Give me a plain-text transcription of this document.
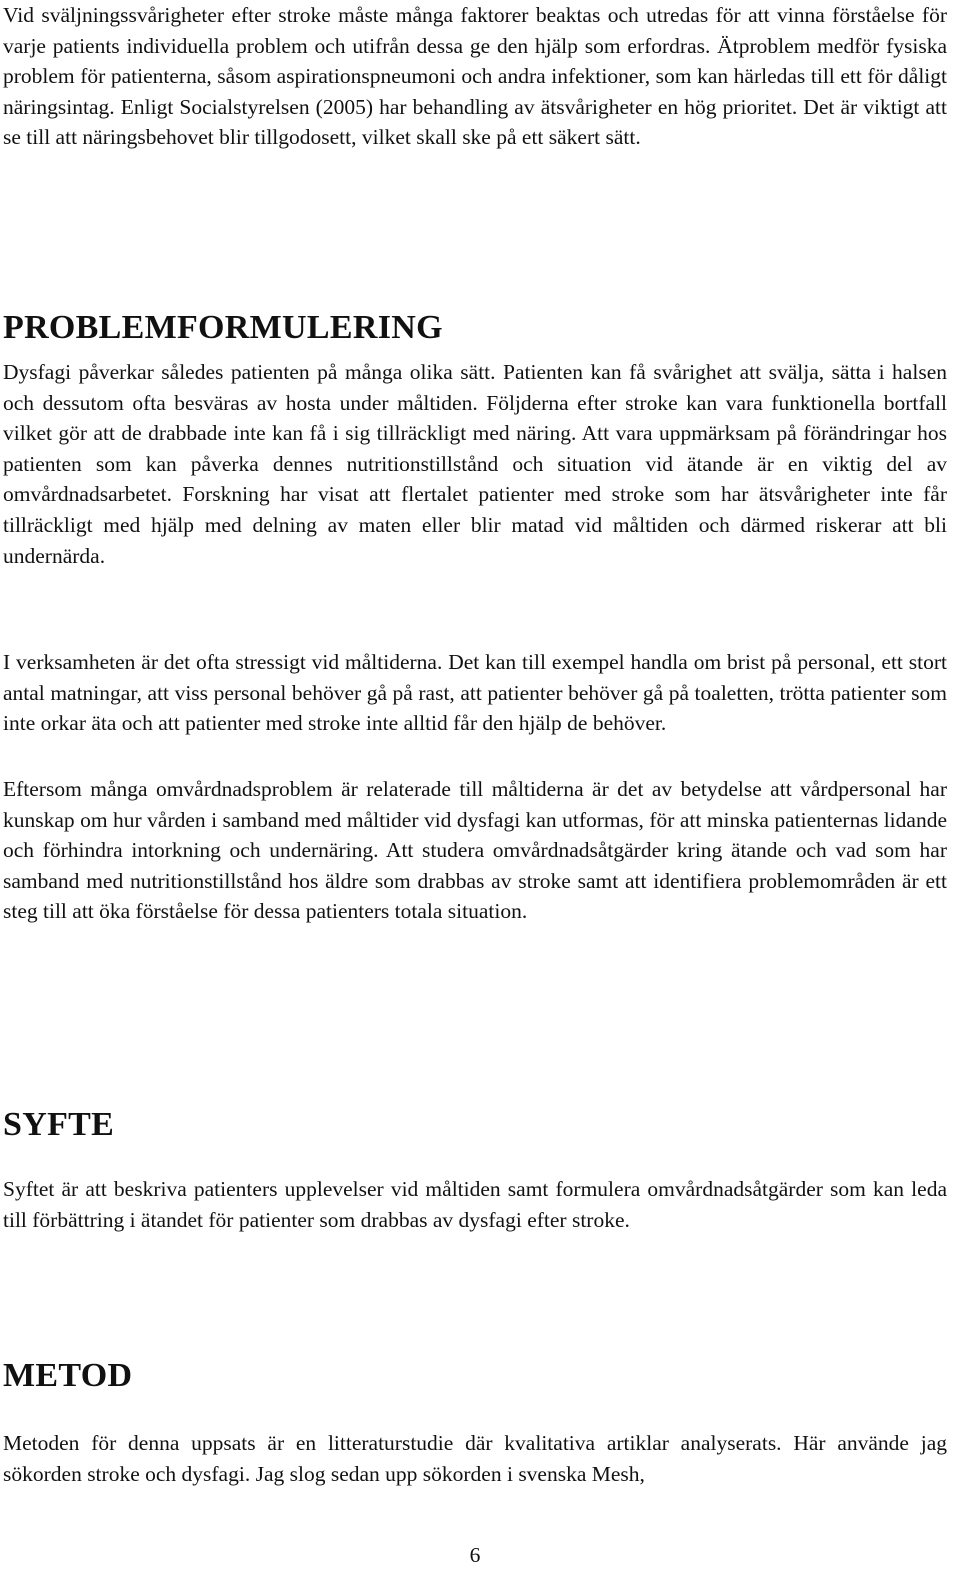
Vid sväljningssvårigheter efter stroke måste många faktorer beaktas och utredas för att vinna förståelse för varje patients individuella problem och utifrån dessa ge den hjälp som erfordras. Ätproblem medför fysiska problem för patienterna, såsom aspirationspneumoni och andra infektioner, som kan härledas till ett för dåligt näringsintag. Enligt Socialstyrelsen (2005) har behandling av ätsvårigheter en hög prioritet. Det är viktigt att se till att näringsbehovet blir tillgodosett, vilket skall ske på ett säkert sätt.

PROBLEMFORMULERING

Dysfagi påverkar således patienten på många olika sätt. Patienten kan få svårighet att svälja, sätta i halsen och dessutom ofta besväras av hosta under måltiden. Följderna efter stroke kan vara funktionella bortfall vilket gör att de drabbade inte kan få i sig tillräckligt med näring. Att vara uppmärksam på förändringar hos patienten som kan påverka dennes nutritionstillstånd och situation vid ätande är en viktig del av omvårdnadsarbetet. Forskning har visat att flertalet patienter med stroke som har ätsvårigheter inte får tillräckligt med hjälp med delning av maten eller blir matad vid måltiden och därmed riskerar att bli undernärda.

I verksamheten är det ofta stressigt vid måltiderna. Det kan till exempel handla om brist på personal, ett stort antal matningar, att viss personal behöver gå på rast, att patienter behöver gå på toaletten, trötta patienter som inte orkar äta och att patienter med stroke inte alltid får den hjälp de behöver.

Eftersom många omvårdnadsproblem är relaterade till måltiderna är det av betydelse att vårdpersonal har kunskap om hur vården i samband med måltider vid dysfagi kan utformas, för att minska patienternas lidande och förhindra intorkning och undernäring. Att studera omvårdnadsåtgärder kring ätande och vad som har samband med nutritionstillstånd hos äldre som drabbas av stroke samt att identifiera problemområden är ett steg till att öka förståelse för dessa patienters totala situation.

SYFTE

Syftet är att beskriva patienters upplevelser vid måltiden samt formulera omvårdnadsåtgärder som kan leda till förbättring i ätandet för patienter som drabbas av dysfagi efter stroke.

METOD

Metoden för denna uppsats är en litteraturstudie där kvalitativa artiklar analyserats. Här använde jag sökorden stroke och dysfagi. Jag slog sedan upp sökorden i svenska Mesh,

6
